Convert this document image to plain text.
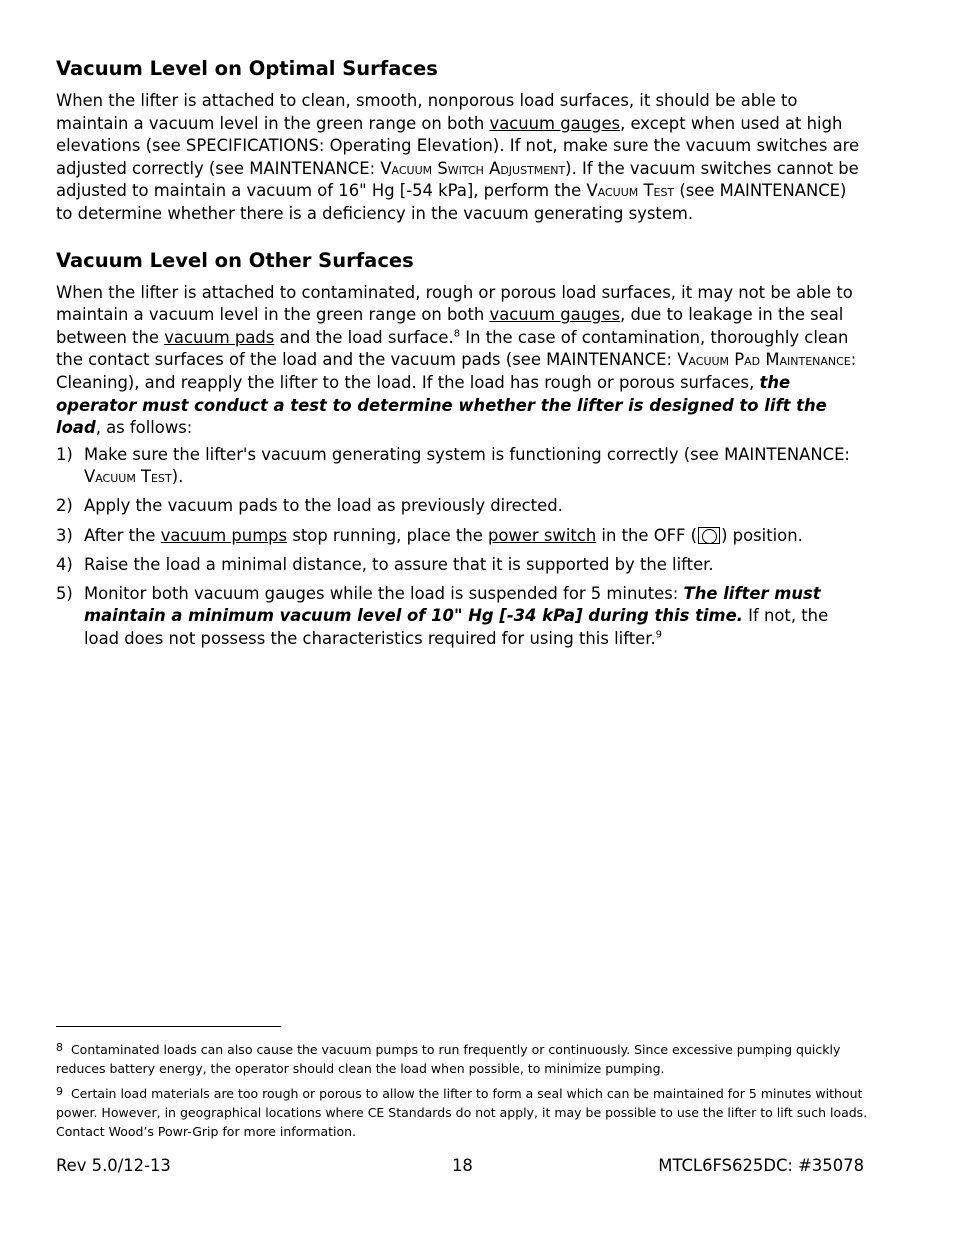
Vacuum Level on Optimal Surfaces

When the lifter is attached to clean, smooth, nonporous load surfaces, it should be able to maintain a vacuum level in the green range on both vacuum gauges, except when used at high elevations (see SPECIFICATIONS: Operating Elevation). If not, make sure the vacuum switches are adjusted correctly (see MAINTENANCE: Vacuum Switch Adjustment). If the vacuum switches cannot be adjusted to maintain a vacuum of 16" Hg [-54 kPa], perform the Vacuum Test (see MAINTENANCE) to determine whether there is a deficiency in the vacuum generating system.

Vacuum Level on Other Surfaces

When the lifter is attached to contaminated, rough or porous load surfaces, it may not be able to maintain a vacuum level in the green range on both vacuum gauges, due to leakage in the seal between the vacuum pads and the load surface.$^8$ In the case of contamination, thoroughly clean the contact surfaces of the load and the vacuum pads (see MAINTENANCE: Vacuum Pad Maintenance: Cleaning), and reapply the lifter to the load. If the load has rough or porous surfaces, the operator must conduct a test to determine whether the lifter is designed to lift the load, as follows:

1) Make sure the lifter's vacuum generating system is functioning correctly (see MAINTENANCE: Vacuum Test).
2) Apply the vacuum pads to the load as previously directed.
3) After the vacuum pumps stop running, place the power switch in the OFF ( ) position.
4) Raise the load a minimal distance, to assure that it is supported by the lifter.
5) Monitor both vacuum gauges while the load is suspended for 5 minutes: The lifter must maintain a minimum vacuum level of 10" Hg [-34 kPa] during this time. If not, the load does not possess the characteristics required for using this lifter.$^9$

$^8$ Contaminated loads can also cause the vacuum pumps to run frequently or continuously. Since excessive pumping quickly reduces battery energy, the operator should clean the load when possible, to minimize pumping.

$^9$ Certain load materials are too rough or porous to allow the lifter to form a seal which can be maintained for 5 minutes without power. However, in geographical locations where CE Standards do not apply, it may be possible to use the lifter to lift such loads. Contact Wood’s Powr-Grip for more information.

Rev 5.0/12-13	18	MTCL6FS625DC: #35078
